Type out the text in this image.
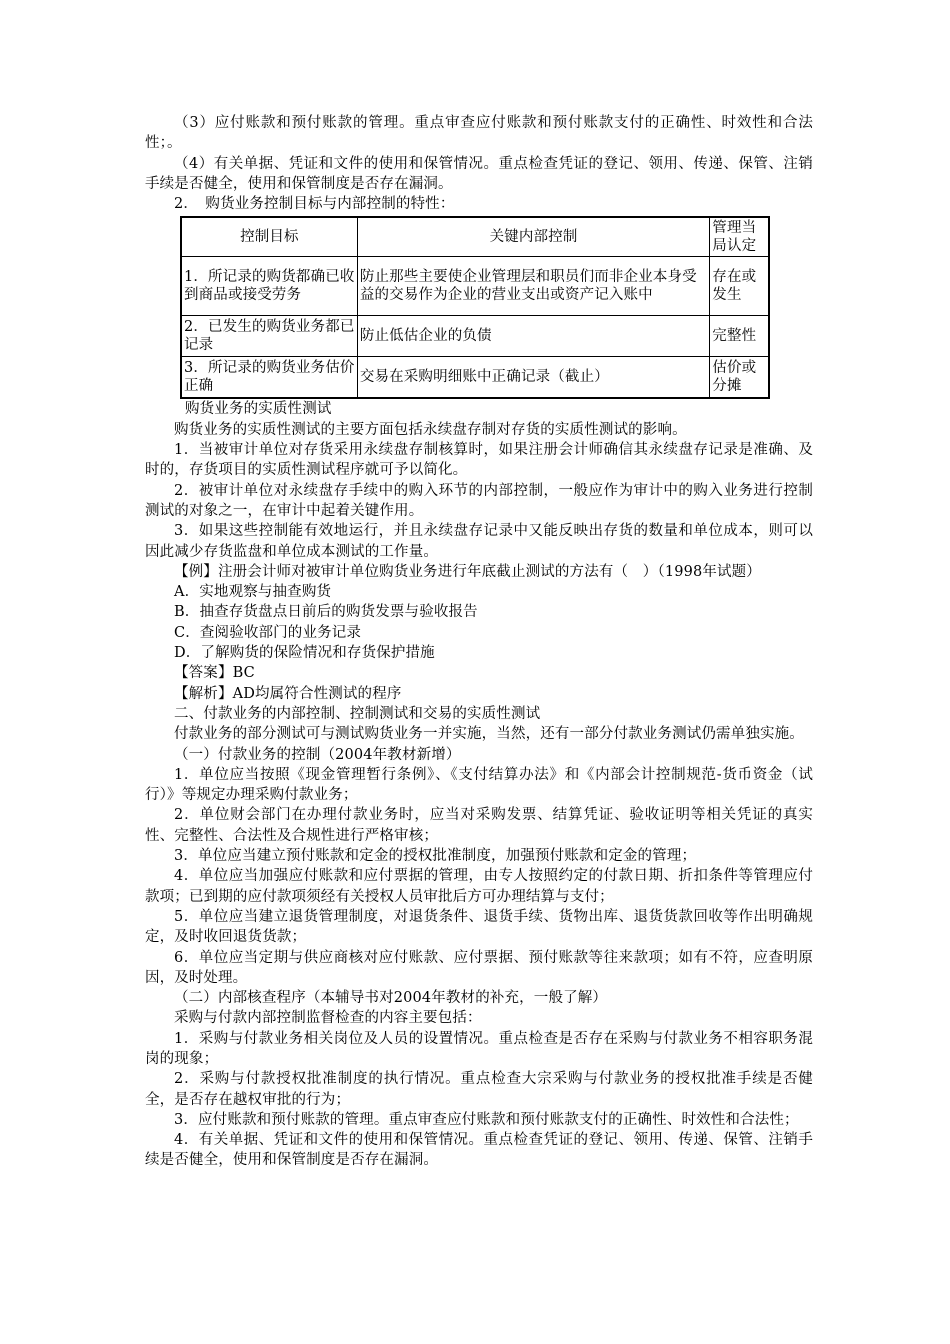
（3）应付账款和预付账款的管理。重点审查应付账款和预付账款支付的正确性、时效性和合法性；。

（4）有关单据、凭证和文件的使用和保管情况。重点检查凭证的登记、领用、传递、保管、注销手续是否健全，使用和保管制度是否存在漏洞。

2．　购货业务控制目标与内部控制的特性：

控制目标	关键内部控制	管理当局认定
1．所记录的购货都确已收到商品或接受劳务	防止那些主要使企业管理层和职员们而非企业本身受益的交易作为企业的营业支出或资产记入账中	存在或发生
2．已发生的购货业务都已记录	防止低估企业的负债	完整性
3．所记录的购货业务估价正确	交易在采购明细账中正确记录（截止）	估价或分摊

购货业务的实质性测试

购货业务的实质性测试的主要方面包括永续盘存制对存货的实质性测试的影响。

1．当被审计单位对存货采用永续盘存制核算时，如果注册会计师确信其永续盘存记录是准确、及时的，存货项目的实质性测试程序就可予以简化。

2．被审计单位对永续盘存手续中的购入环节的内部控制，一般应作为审计中的购入业务进行控制测试的对象之一，在审计中起着关键作用。

3．如果这些控制能有效地运行，并且永续盘存记录中又能反映出存货的数量和单位成本，则可以因此减少存货监盘和单位成本测试的工作量。

【例】注册会计师对被审计单位购货业务进行年底截止测试的方法有（　）（1998年试题）

A．实地观察与抽查购货

B．抽查存货盘点日前后的购货发票与验收报告

C．查阅验收部门的业务记录

D．了解购货的保险情况和存货保护措施

【答案】BC

【解析】AD均属符合性测试的程序

二、付款业务的内部控制、控制测试和交易的实质性测试

付款业务的部分测试可与测试购货业务一并实施，当然，还有一部分付款业务测试仍需单独实施。

（一）付款业务的控制（2004年教材新增）

1．单位应当按照《现金管理暂行条例》、《支付结算办法》和《内部会计控制规范-货币资金（试行）》等规定办理采购付款业务；

2．单位财会部门在办理付款业务时，应当对采购发票、结算凭证、验收证明等相关凭证的真实性、完整性、合法性及合规性进行严格审核；

3．单位应当建立预付账款和定金的授权批准制度，加强预付账款和定金的管理；

4．单位应当加强应付账款和应付票据的管理，由专人按照约定的付款日期、折扣条件等管理应付款项；已到期的应付款项须经有关授权人员审批后方可办理结算与支付；

5．单位应当建立退货管理制度，对退货条件、退货手续、货物出库、退货货款回收等作出明确规定，及时收回退货货款；

6．单位应当定期与供应商核对应付账款、应付票据、预付账款等往来款项；如有不符，应查明原因，及时处理。

（二）内部核查程序（本辅导书对2004年教材的补充，一般了解）

采购与付款内部控制监督检查的内容主要包括：

1．采购与付款业务相关岗位及人员的设置情况。重点检查是否存在采购与付款业务不相容职务混岗的现象；

2．采购与付款授权批准制度的执行情况。重点检查大宗采购与付款业务的授权批准手续是否健全，是否存在越权审批的行为；

3．应付账款和预付账款的管理。重点审查应付账款和预付账款支付的正确性、时效性和合法性；

4．有关单据、凭证和文件的使用和保管情况。重点检查凭证的登记、领用、传递、保管、注销手续是否健全，使用和保管制度是否存在漏洞。
